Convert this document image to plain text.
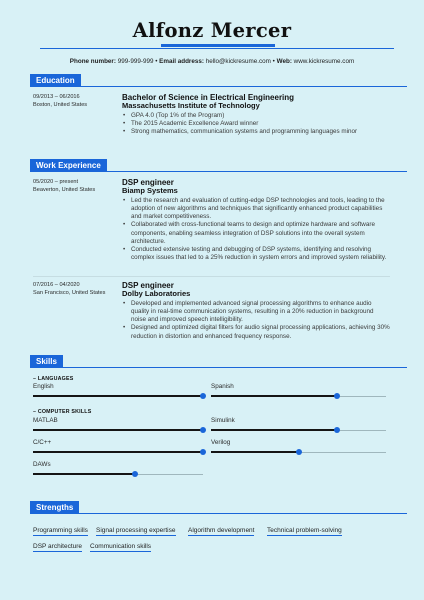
Alfonz Mercer
Phone number: 999-999-999 • Email address: hello@kickresume.com • Web: www.kickresume.com
Education
09/2013 – 06/2016
Boston, United States
Bachelor of Science in Electrical Engineering
Massachusetts Institute of Technology
• GPA 4.0 (Top 1% of the Program)
• The 2015 Academic Excellence Award winner
• Strong mathematics, communication systems and programming languages minor
Work Experience
05/2020 – present
Beaverton, United States
DSP engineer
Biamp Systems
• Led the research and evaluation of cutting-edge DSP technologies and tools, leading to the adoption of new algorithms and techniques that significantly enhanced product capabilities and market competitiveness.
• Collaborated with cross-functional teams to design and optimize hardware and software components, enabling seamless integration of DSP solutions into the overall system architecture.
• Conducted extensive testing and debugging of DSP systems, identifying and resolving complex issues that led to a 25% reduction in system errors and improved system reliability.
07/2016 – 04/2020
San Francisco, United States
DSP engineer
Dolby Laboratories
• Developed and implemented advanced signal processing algorithms to enhance audio quality in real-time communication systems, resulting in a 20% reduction in background noise and improved speech intelligibility.
• Designed and optimized digital filters for audio signal processing applications, achieving 30% reduction in distortion and enhanced frequency response.
Skills
– LANGUAGES
English	Spanish
– COMPUTER SKILLS
MATLAB	Simulink
C/C++	Verilog
DAWs
Strengths
Programming skills Signal processing expertise Algorithm development Technical problem-solving
DSP architecture Communication skills
